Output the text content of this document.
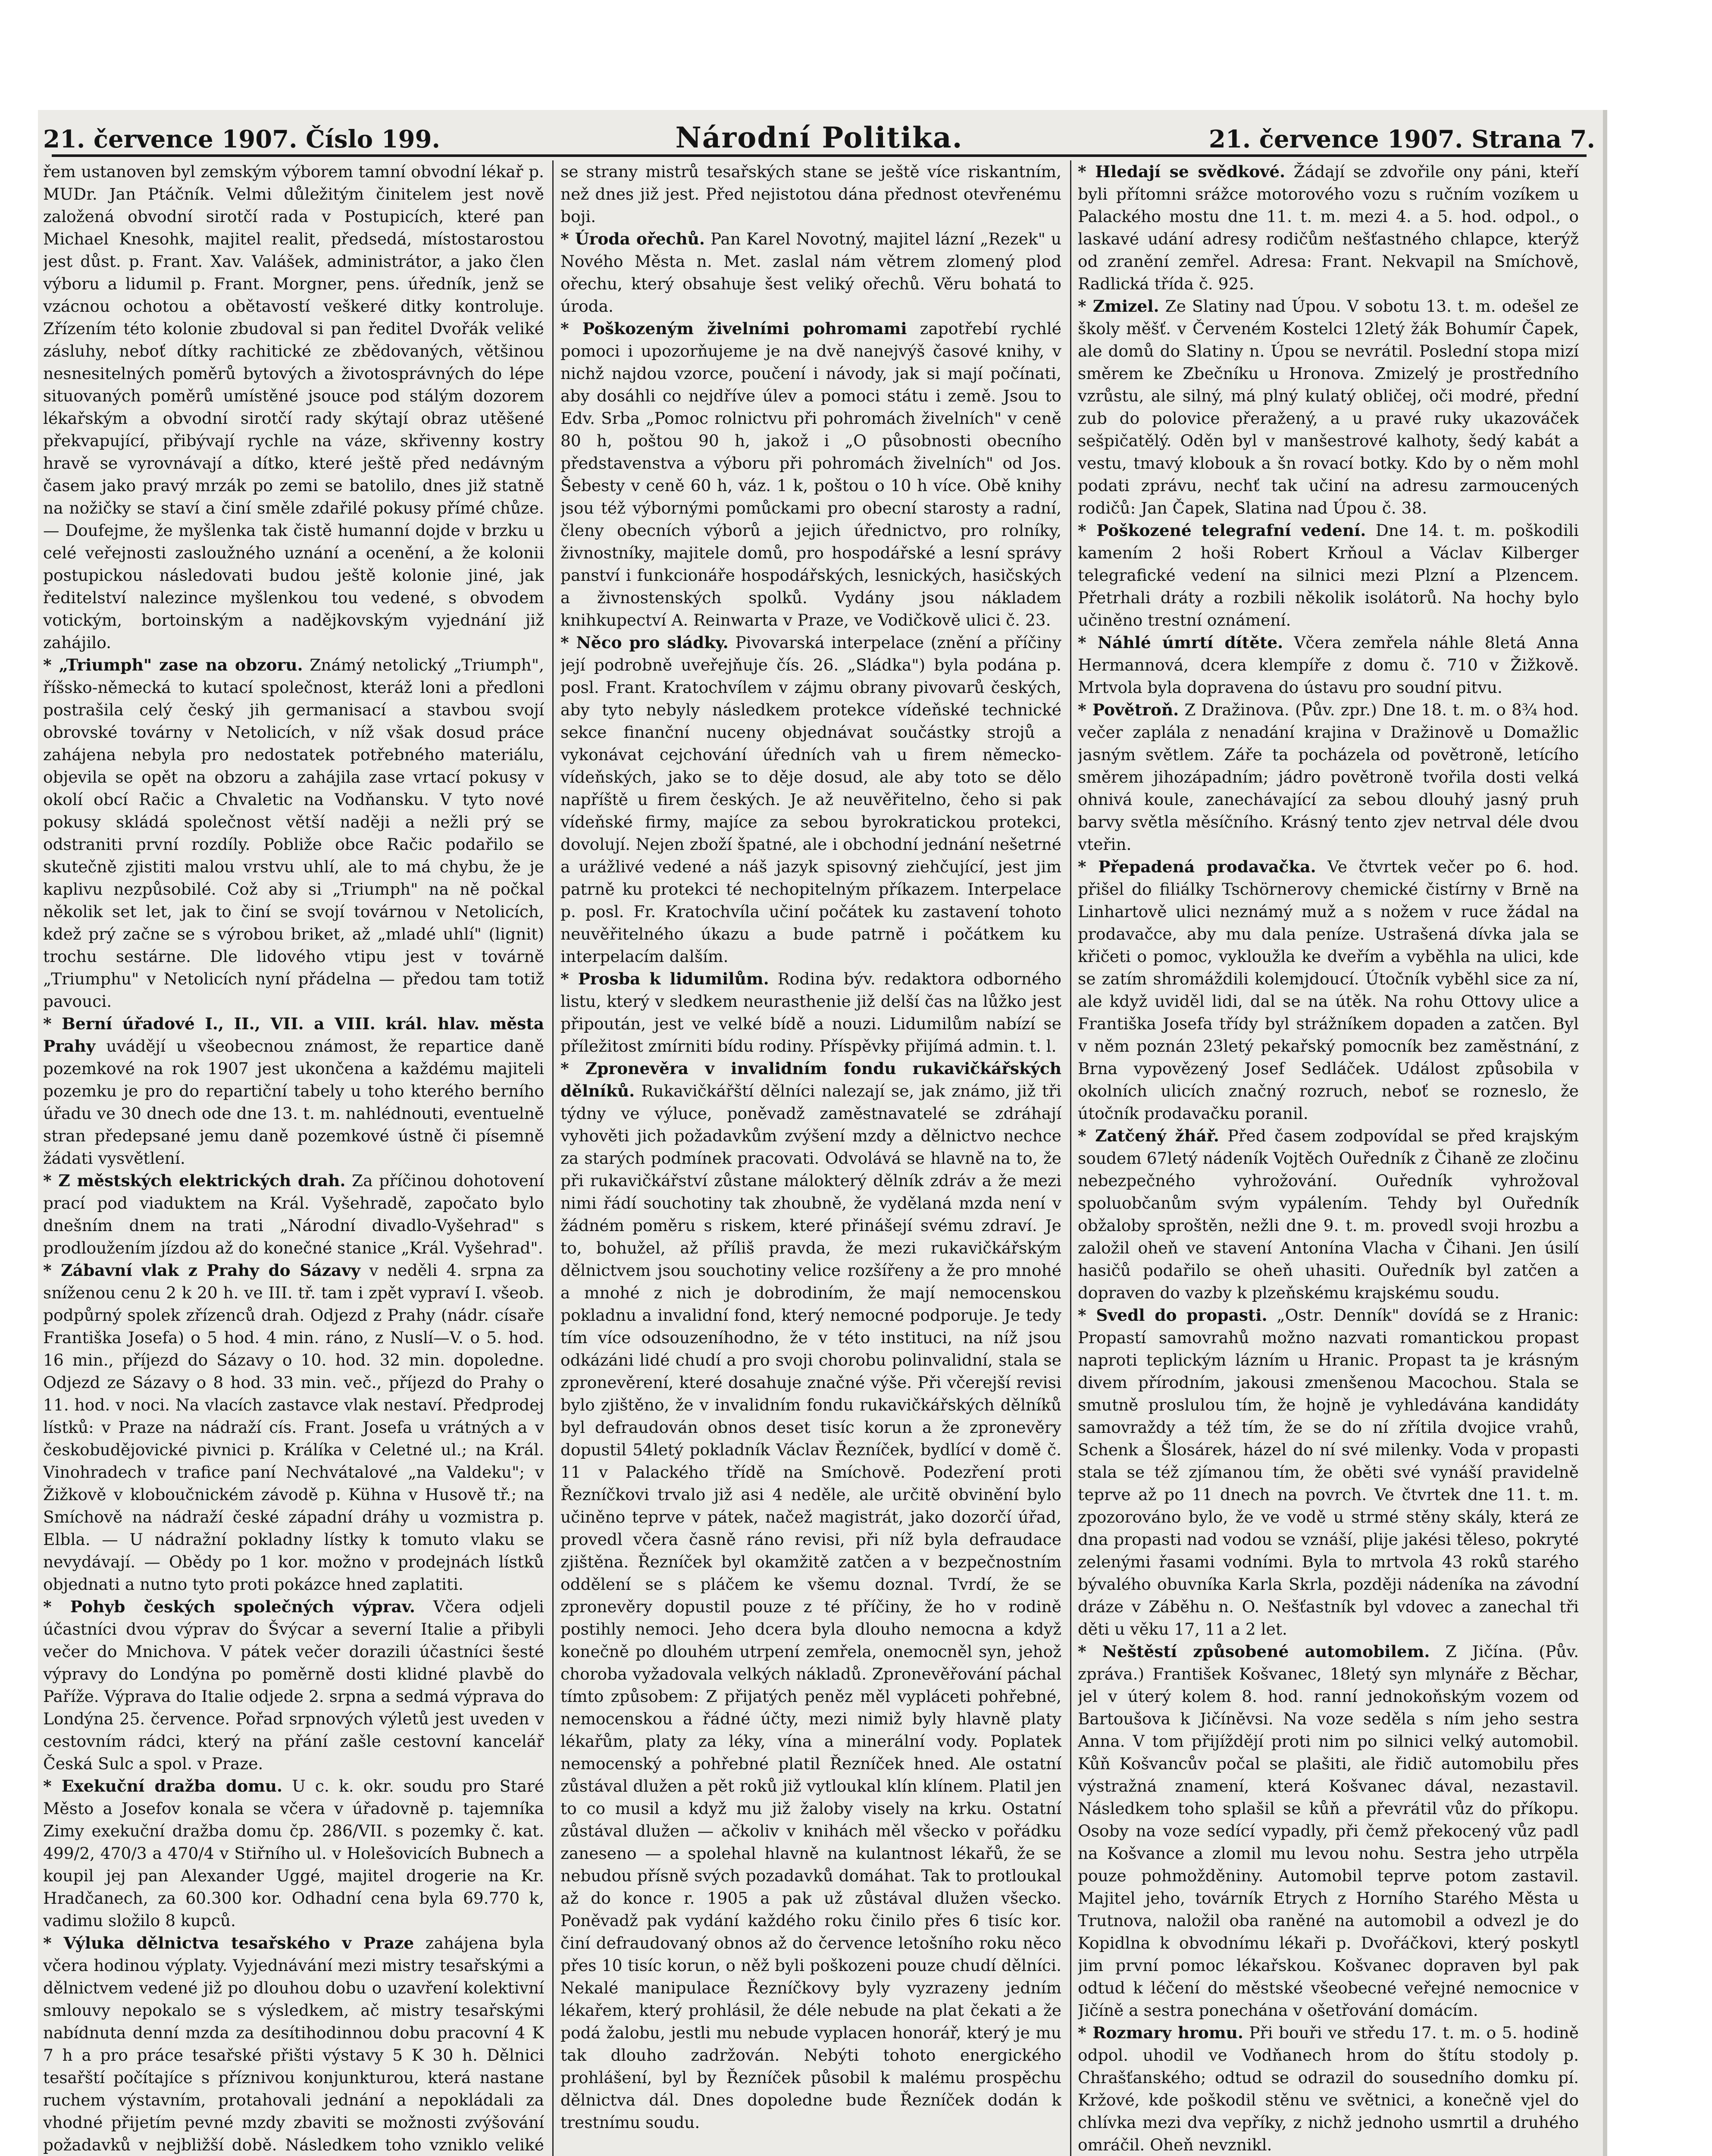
21. července 1907. Číslo 199.	Národní Politika.	21. července 1907. Strana 7.

řem ustanoven byl zemským výborem tamní obvodní lékař p. MUDr. Jan Ptáčník. Velmi důležitým činitelem jest nově založená obvodní sirotčí rada v Postupicích, které pan Michael Knesohk, majitel realit, předsedá, místostarostou jest důst. p. Frant. Xav. Valášek, administrátor, a jako člen výboru a lidumil p. Frant. Morgner, pens. úředník, jenž se vzácnou ochotou a obětavostí veškeré ditky kontroluje. Zřízením této kolonie zbudoval si pan ředitel Dvořák veliké zásluhy, neboť dítky rachitické ze zbědovaných, většinou nesnesitelných poměrů bytových a životosprávných do lépe situovaných poměrů umístěné jsouce pod stálým dozorem lékařským a obvodní sirotčí rady skýtají obraz utěšené překvapující, přibývají rychle na váze, skřivenny kostry hravě se vyrovnávají a dítko, které ještě před nedávným časem jako pravý mrzák po zemi se batolilo, dnes již statně na nožičky se staví a činí směle zdařilé pokusy přímé chůze. — Doufejme, že myšlenka tak čistě humanní dojde v brzku u celé veřejnosti zasloužného uznání a ocenění, a že kolonii postupickou následovati budou ještě kolonie jiné, jak ředitelství nalezince myšlenkou tou vedené, s obvodem votickým, bortoinským a nadějkovským vyjednání již zahájilo.

* „Triumph" zase na obzoru. Známý netolický „Triumph", říšsko-německá to kutací společnost, kteráž loni a předloni postrašila celý český jih germanisací a stavbou svojí obrovské továrny v Netolicích, v níž však dosud práce zahájena nebyla pro nedostatek potřebného materiálu, objevila se opět na obzoru a zahájila zase vrtací pokusy v okolí obcí Račic a Chvaletic na Vodňansku. V tyto nové pokusy skládá společnost větší naději a nežli prý se odstraniti první rozdíly. Pobliže obce Račic podařilo se skutečně zjistiti malou vrstvu uhlí, ale to má chybu, že je kaplivu nezpůsobilé. Což aby si „Triumph" na ně počkal několik set let, jak to činí se svojí továrnou v Netolicích, kdež prý začne se s výrobou briket, až „mladé uhlí" (lignit) trochu sestárne. Dle lidového vtipu jest v továrně „Triumphu" v Netolicích nyní přádelna — předou tam totiž pavouci.

* Berní úřadové I., II., VII. a VIII. král. hlav. města Prahy uvádějí u všeobecnou známost, že repartice daně pozemkové na rok 1907 jest ukončena a každému majiteli pozemku je pro do repartiční tabely u toho kterého berního úřadu ve 30 dnech ode dne 13. t. m. nahlédnouti, eventuelně stran předepsané jemu daně pozemkové ústně či písemně žádati vysvětlení.

* Z městských elektrických drah. Za příčinou dohotovení prací pod viaduktem na Král. Vyšehradě, započato bylo dnešním dnem na trati „Národní divadlo-Vyšehrad" s prodloužením jízdou až do konečné stanice „Král. Vyšehrad".

* Zábavní vlak z Prahy do Sázavy v neděli 4. srpna za sníženou cenu 2 k 20 h. ve III. tř. tam i zpět vypraví I. všeob. podpůrný spolek zřízenců drah. Odjezd z Prahy (nádr. císaře Františka Josefa) o 5 hod. 4 min. ráno, z Nuslí—V. o 5. hod. 16 min., příjezd do Sázavy o 10. hod. 32 min. dopoledne. Odjezd ze Sázavy o 8 hod. 33 min. več., příjezd do Prahy o 11. hod. v noci. Na vlacích zastavce vlak nestaví. Předprodej lístků: v Praze na nádraží cís. Frant. Josefa u vrátných a v českobudějovické pivnici p. Králíka v Celetné ul.; na Král. Vinohradech v trafice paní Nechvátalové „na Valdeku"; v Žižkově v kloboučnickém závodě p. Kühna v Husově tř.; na Smíchově na nádraží české západní dráhy u vozmistra p. Elbla. — U nádražní pokladny lístky k tomuto vlaku se nevydávají. — Obědy po 1 kor. možno v prodejnách lístků objednati a nutno tyto proti pokázce hned zaplatiti.

* Pohyb českých společných výprav. Včera odjeli účastníci dvou výprav do Švýcar a severní Italie a přibyli večer do Mnichova. V pátek večer dorazili účastníci šesté výpravy do Londýna po poměrně dosti klidné plavbě do Paříže. Výprava do Italie odjede 2. srpna a sedmá výprava do Londýna 25. července. Pořad srpnových výletů jest uveden v cestovním rádci, který na přání zašle cestovní kancelář Česká Sulc a spol. v Praze.

* Exekuční dražba domu. U c. k. okr. soudu pro Staré Město a Josefov konala se včera v úřadovně p. tajemníka Zimy exekuční dražba domu čp. 286/VII. s pozemky č. kat. 499/2, 470/3 a 470/4 v Stiřního ul. v Holešovicích Bubnech a koupil jej pan Alexander Uggé, majitel drogerie na Kr. Hradčanech, za 60.300 kor. Odhadní cena byla 69.770 k, vadimu složilo 8 kupců.

* Výluka dělnictva tesařského v Praze zahájena byla včera hodinou výplaty. Vyjednávání mezi mistry tesařskými a dělnictvem vedené již po dlouhou dobu o uzavření kolektivní smlouvy nepokalo se s výsledkem, ač mistry tesařskými nabídnuta denní mzda za desítihodinnou dobu pracovní 4 K 7 h a pro práce tesařské přišti výstavy 5 K 30 h. Dělnici tesařští počítajíce s příznivou konjunkturou, která nastane ruchem výstavním, protahovali jednání a nepokládali za vhodné přijetím pevné mzdy zbaviti se možnosti zvýšování požadavků v nejbližší době. Následkem toho vzniklo veliké

se strany mistrů tesařských stane se ještě více riskantním, než dnes již jest. Před nejistotou dána přednost otevřenému boji.

* Úroda ořechů. Pan Karel Novotný, majitel lázní „Rezek" u Nového Města n. Met. zaslal nám větrem zlomený plod ořechu, který obsahuje šest veliký ořechů. Věru bohatá to úroda.

* Poškozeným živelními pohromami zapotřebí rychlé pomoci i upozorňujeme je na dvě nanejvýš časové knihy, v nichž najdou vzorce, poučení i návody, jak si mají počínati, aby dosáhli co nejdříve úlev a pomoci státu i země. Jsou to Edv. Srba „Pomoc rolnictvu při pohromách živelních" v ceně 80 h, poštou 90 h, jakož i „O působnosti obecního představenstva a výboru při pohromách živelních" od Jos. Šebesty v ceně 60 h, váz. 1 k, poštou o 10 h více. Obě knihy jsou též výbornými pomůckami pro obecní starosty a radní, členy obecních výborů a jejich úřednictvo, pro rolníky, živnostníky, majitele domů, pro hospodářské a lesní správy panství i funkcionáře hospodářských, lesnických, hasičských a živnostenských spolků. Vydány jsou nákladem knihkupectví A. Reinwarta v Praze, ve Vodičkově ulici č. 23.

* Něco pro sládky. Pivovarská interpelace (znění a příčiny její podrobně uveřejňuje čís. 26. „Sládka") byla podána p. posl. Frant. Kratochvílem v zájmu obrany pivovarů českých, aby tyto nebyly následkem protekce vídeňské technické sekce finanční nuceny objednávat součástky strojů a vykonávat cejchování úředních vah u firem německo-vídeňských, jako se to děje dosud, ale aby toto se dělo napříště u firem českých. Je až neuvěřitelno, čeho si pak vídeňské firmy, majíce za sebou byrokratickou protekci, dovolují. Nejen zboží špatné, ale i obchodní jednání nešetrné a urážlivé vedené a náš jazyk spisovný ziehčující, jest jim patrně ku protekci té nechopitelným příkazem. Interpelace p. posl. Fr. Kratochvíla učiní počátek ku zastavení tohoto neuvěřitelného úkazu a bude patrně i počátkem ku interpelacím dalším.

* Prosba k lidumilům. Rodina býv. redaktora odborného listu, který v sledkem neurasthenie již delší čas na lůžko jest připoután, jest ve velké bídě a nouzi. Lidumilům nabízí se příležitost zmírniti bídu rodiny. Příspěvky přijímá admin. t. l.

* Zpronevěra v invalidním fondu rukavičkářských dělníků. Rukavičkářští dělníci nalezají se, jak známo, již tři týdny ve výluce, poněvadž zaměstnavatelé se zdráhají vyhověti jich požadavkům zvýšení mzdy a dělnictvo nechce za starých podmínek pracovati. Odvolává se hlavně na to, že při rukavičkářství zůstane málokterý dělník zdráv a že mezi nimi řádí souchotiny tak zhoubně, že vydělaná mzda není v žádném poměru s riskem, které přinášejí svému zdraví. Je to, bohužel, až příliš pravda, že mezi rukavičkářským dělnictvem jsou souchotiny velice rozšířeny a že pro mnohé a mnohé z nich je dobrodiním, že mají nemocenskou pokladnu a invalidní fond, který nemocné podporuje. Je tedy tím více odsouzeníhodno, že v této instituci, na níž jsou odkázáni lidé chudí a pro svoji chorobu polinvalidní, stala se zpronevěrení, které dosahuje značné výše. Při včerejší revisi bylo zjištěno, že v invalidním fondu rukavičkářských dělníků byl defraudován obnos deset tisíc korun a že zpronevěry dopustil 54letý pokladník Václav Řezníček, bydlící v domě č. 11 v Palackého třídě na Smíchově. Podezření proti Řezníčkovi trvalo již asi 4 neděle, ale určitě obvinění bylo učiněno teprve v pátek, načež magistrát, jako dozorčí úřad, provedl včera časně ráno revisi, při níž byla defraudace zjištěna. Řezníček byl okamžitě zatčen a v bezpečnostním oddělení se s pláčem ke všemu doznal. Tvrdí, že se zpronevěry dopustil pouze z té příčiny, že ho v rodině postihly nemoci. Jeho dcera byla dlouho nemocna a když konečně po dlouhém utrpení zemřela, onemocněl syn, jehož choroba vyžadovala velkých nákladů. Zpronevěřování páchal tímto způsobem: Z přijatých peněz měl vypláceti pohřebné, nemocenskou a řádné účty, mezi nimiž byly hlavně platy lékařům, platy za léky, vína a minerální vody. Poplatek nemocenský a pohřebné platil Řezníček hned. Ale ostatní zůstával dlužen a pět roků již vytloukal klín klínem. Platil jen to co musil a když mu již žaloby visely na krku. Ostatní zůstával dlužen — ačkoliv v knihách měl všecko v pořádku zaneseno — a spolehal hlavně na kulantnost lékařů, že se nebudou přísně svých pozadavků domáhat. Tak to protloukal až do konce r. 1905 a pak už zůstával dlužen všecko. Poněvadž pak vydání každého roku činilo přes 6 tisíc kor. činí defraudovaný obnos až do července letošního roku něco přes 10 tisíc korun, o něž byli poškozeni pouze chudí dělníci. Nekalé manipulace Řezníčkovy byly vyzrazeny jedním lékařem, který prohlásil, že déle nebude na plat čekati a že podá žalobu, jestli mu nebude vyplacen honorář, který je mu tak dlouho zadržován. Nebýti tohoto energického prohlášení, byl by Řezníček působil k malému prospěchu dělnictva dál. Dnes dopoledne bude Řezníček dodán k trestnímu soudu.

* Hledají se svědkové. Žádají se zdvořile ony páni, kteří byli přítomni srážce motorového vozu s ručním vozíkem u Palackého mostu dne 11. t. m. mezi 4. a 5. hod. odpol., o laskavé udání adresy rodičům nešťastného chlapce, kterýž od zranění zemřel. Adresa: Frant. Nekvapil na Smíchově, Radlická třída č. 925.

* Zmizel. Ze Slatiny nad Úpou. V sobotu 13. t. m. odešel ze školy měšť. v Červeném Kostelci 12letý žák Bohumír Čapek, ale domů do Slatiny n. Úpou se nevrátil. Poslední stopa mizí směrem ke Zbečníku u Hronova. Zmizelý je prostředního vzrůstu, ale silný, má plný kulatý obličej, oči modré, přední zub do polovice přeražený, a u pravé ruky ukazováček sešpičatělý. Oděn byl v manšestrové kalhoty, šedý kabát a vestu, tmavý klobouk a šn rovací botky. Kdo by o něm mohl podati zprávu, nechť tak učiní na adresu zarmoucených rodičů: Jan Čapek, Slatina nad Úpou č. 38.

* Poškozené telegrafní vedení. Dne 14. t. m. poškodili kamením 2 hoši Robert Krňoul a Václav Kilberger telegrafické vedení na silnici mezi Plzní a Plzencem. Přetrhali dráty a rozbili několik isolátorů. Na hochy bylo učiněno trestní oznámení.

* Náhlé úmrtí dítěte. Včera zemřela náhle 8letá Anna Hermannová, dcera klempíře z domu č. 710 v Žižkově. Mrtvola byla dopravena do ústavu pro soudní pitvu.

* Povětroň. Z Dražinova. (Pův. zpr.) Dne 18. t. m. o 8¾ hod. večer zaplála z nenadání krajina v Dražinově u Domažlic jasným světlem. Záře ta pocházela od povětroně, letícího směrem jihozápadním; jádro povětroně tvořila dosti velká ohnivá koule, zanechávající za sebou dlouhý jasný pruh barvy světla měsíčního. Krásný tento zjev netrval déle dvou vteřin.

* Přepadená prodavačka. Ve čtvrtek večer po 6. hod. přišel do filiálky Tschörnerovy chemické čistírny v Brně na Linhartově ulici neznámý muž a s nožem v ruce žádal na prodavačce, aby mu dala peníze. Ustrašená dívka jala se křičeti o pomoc, vykloužla ke dveřím a vyběhla na ulici, kde se zatím shromáždili kolemjdoucí. Útočník vyběhl sice za ní, ale když uviděl lidi, dal se na útěk. Na rohu Ottovy ulice a Františka Josefa třídy byl strážníkem dopaden a zatčen. Byl v něm poznán 23letý pekařský pomocník bez zaměstnání, z Brna vypovězený Josef Sedláček. Událost způsobila v okolních ulicích značný rozruch, neboť se rozneslo, že útočník prodavačku poranil.

* Zatčený žhář. Před časem zodpovídal se před krajským soudem 67letý nádeník Vojtěch Ouředník z Čihaně ze zločinu nebezpečného vyhrožování. Ouředník vyhrožoval spoluobčanům svým vypálením. Tehdy byl Ouředník obžaloby sproštěn, nežli dne 9. t. m. provedl svoji hrozbu a založil oheň ve stavení Antonína Vlacha v Čihani. Jen úsilí hasičů podařilo se oheň uhasiti. Ouředník byl zatčen a dopraven do vazby k plzeňskému krajskému soudu.

* Svedl do propasti. „Ostr. Denník" dovídá se z Hranic: Propastí samovrahů možno nazvati romantickou propast naproti teplickým lázním u Hranic. Propast ta je krásným divem přírodním, jakousi zmenšenou Macochou. Stala se smutně proslulou tím, že hojně je vyhledávána kandidáty samovraždy a též tím, že se do ní zřítila dvojice vrahů, Schenk a Šlosárek, házel do ní své milenky. Voda v propasti stala se též zjímanou tím, že oběti své vynáší pravidelně teprve až po 11 dnech na povrch. Ve čtvrtek dne 11. t. m. zpozorováno bylo, že ve vodě u strmé stěny skály, která ze dna propasti nad vodou se vznáší, plije jakési těleso, pokryté zelenými řasami vodními. Byla to mrtvola 43 roků starého bývalého obuvníka Karla Skrla, později nádeníka na závodní dráze v Záběhu n. O. Nešťastník byl vdovec a zanechal tři děti u věku 17, 11 a 2 let.

* Neštěstí způsobené automobilem. Z Jičína. (Pův. zpráva.) František Košvanec, 18letý syn mlynáře z Běchar, jel v úterý kolem 8. hod. ranní jednokoňským vozem od Bartoušova k Jičíněvsi. Na voze seděla s ním jeho sestra Anna. V tom přijíždějí proti nim po silnici velký automobil. Kůň Košvancův počal se plašiti, ale řidič automobilu přes výstražná znamení, která Košvanec dával, nezastavil. Následkem toho splašil se kůň a převrátil vůz do příkopu. Osoby na voze sedící vypadly, při čemž překocený vůz padl na Košvance a zlomil mu levou nohu. Sestra jeho utrpěla pouze pohmožděniny. Automobil teprve potom zastavil. Majitel jeho, továrník Etrych z Horního Starého Města u Trutnova, naložil oba raněné na automobil a odvezl je do Kopidlna k obvodnímu lékaři p. Dvořáčkovi, který poskytl jim první pomoc lékařskou. Košvanec dopraven byl pak odtud k léčení do městské všeobecné veřejné nemocnice v Jičíně a sestra ponechána v ošetřování domácím.

* Rozmary hromu. Při bouři ve středu 17. t. m. o 5. hodině odpol. uhodil ve Vodňanech hrom do štítu stodoly p. Chrašťanského; odtud se odrazil do sousedního domku pí. Kržové, kde poškodil stěnu ve světnici, a konečně vjel do chlívka mezi dva vepříky, z nichž jednoho usmrtil a druhého omráčil. Oheň nevznikl.
